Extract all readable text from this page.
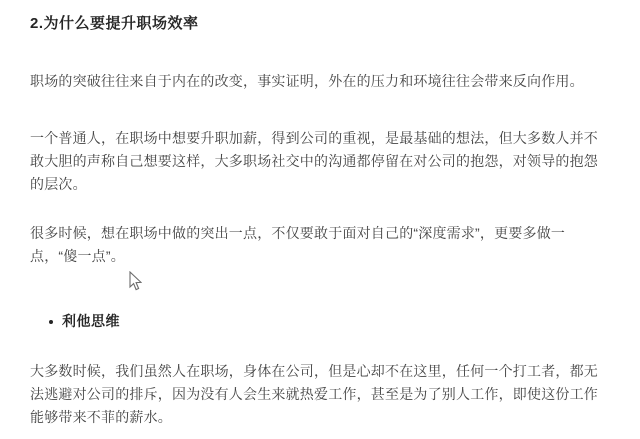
2.为什么要提升职场效率

职场的突破往往来自于内在的改变，事实证明，外在的压力和环境往往会带来反向作用。

一个普通人，在职场中想要升职加薪，得到公司的重视，是最基础的想法，但大多数人并不敢大胆的声称自己想要这样，大多职场社交中的沟通都停留在对公司的抱怨，对领导的抱怨的层次。

很多时候，想在职场中做的突出一点，不仅要敢于面对自己的“深度需求”，更要多做一点，“傻一点”。

利他思维

大多数时候，我们虽然人在职场，身体在公司，但是心却不在这里，任何一个打工者，都无法逃避对公司的排斥，因为没有人会生来就热爱工作，甚至是为了别人工作，即使这份工作能够带来不菲的薪水。
